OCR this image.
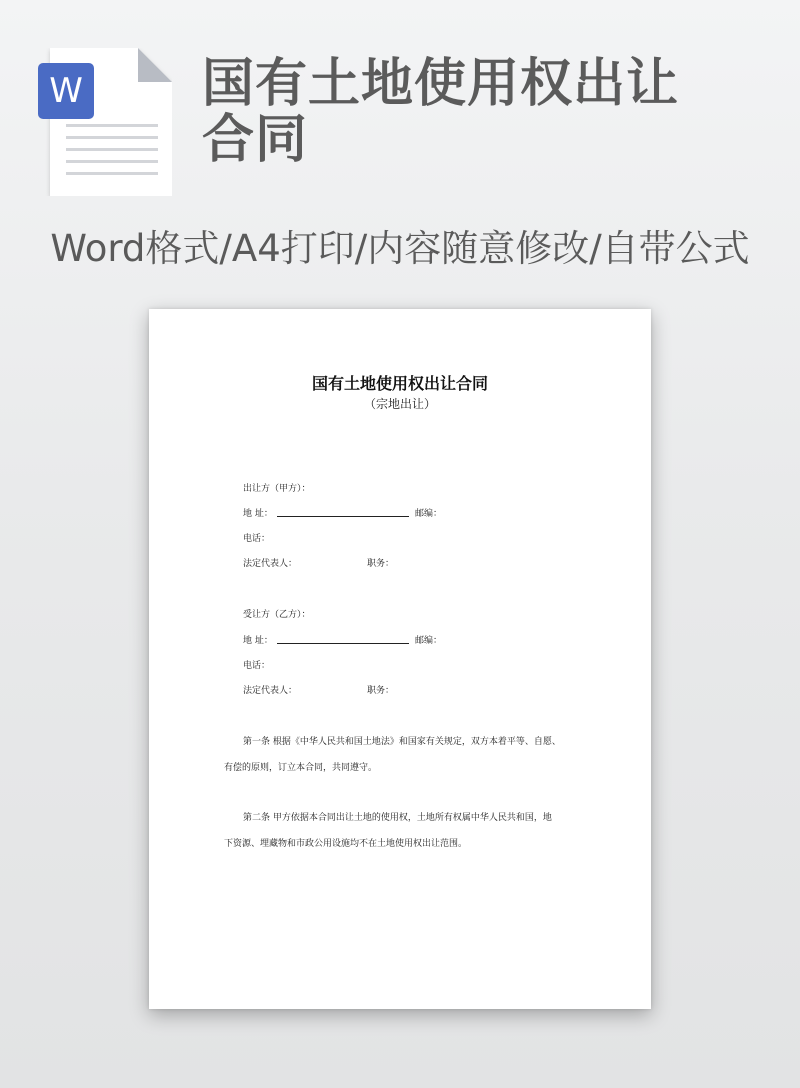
W 国有土地使用权出让合同
Word格式/A4打印/内容随意修改/自带公式
国有土地使用权出让合同
（宗地出让）
出让方（甲方）：
地 址：	邮编：
电话：
法定代表人：	职务：
受让方（乙方）：
地 址：	邮编：
电话：
法定代表人：	职务：
第一条 根据《中华人民共和国土地法》和国家有关规定，双方本着平等、自愿、
有偿的原则，订立本合同，共同遵守。
第二条 甲方依据本合同出让土地的使用权，土地所有权属中华人民共和国，地
下资源、埋藏物和市政公用设施均不在土地使用权出让范围。
